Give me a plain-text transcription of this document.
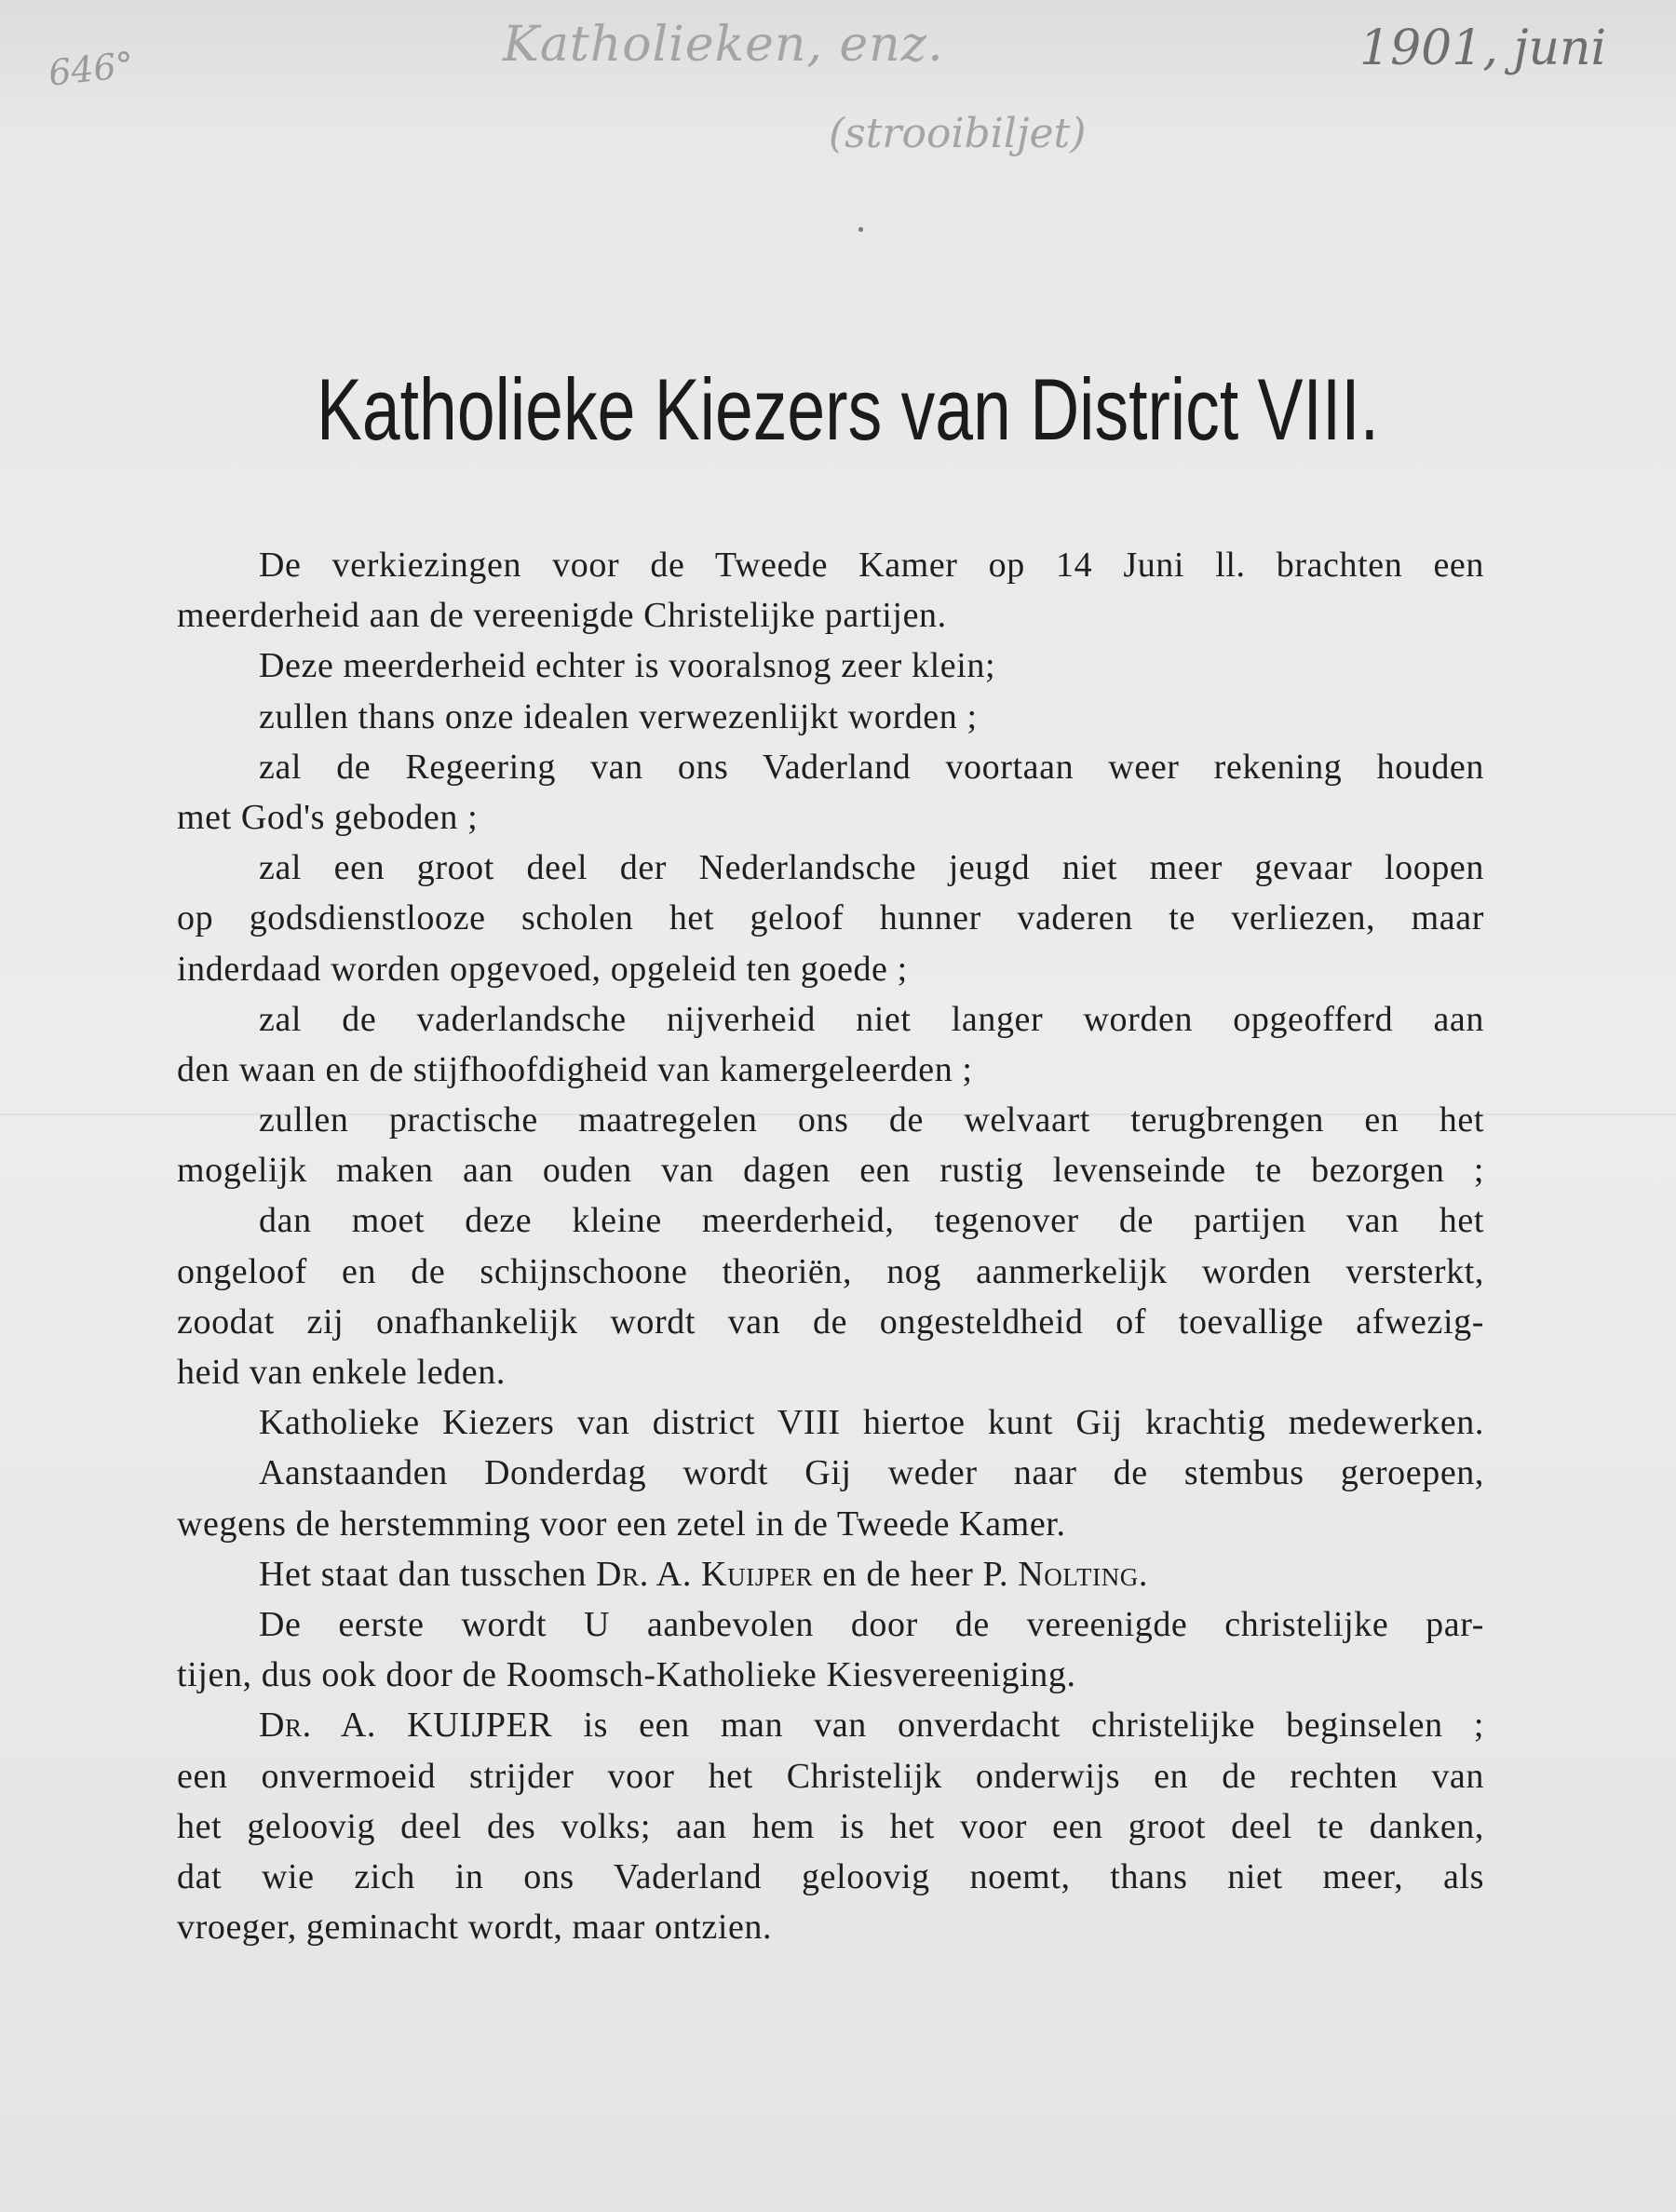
646°	Katholieken, enz.
(strooibiljet)
1901, juni
Katholieke Kiezers van District VIII.
De verkiezingen voor de Tweede Kamer op 14 Juni ll. brachten een
meerderheid aan de vereenigde Christelijke partijen.
Deze meerderheid echter is vooralsnog zeer klein;
zullen thans onze idealen verwezenlijkt worden ;
zal de Regeering van ons Vaderland voortaan weer rekening houden
met God's geboden ;
zal een groot deel der Nederlandsche jeugd niet meer gevaar loopen
op godsdienstlooze scholen het geloof hunner vaderen te verliezen, maar
inderdaad worden opgevoed, opgeleid ten goede ;
zal de vaderlandsche nijverheid niet langer worden opgeofferd aan
den waan en de stijfhoofdigheid van kamergeleerden ;
zullen practische maatregelen ons de welvaart terugbrengen en het
mogelijk maken aan ouden van dagen een rustig levenseinde te bezorgen ;
dan moet deze kleine meerderheid, tegenover de partijen van het
ongeloof en de schijnschoone theoriën, nog aanmerkelijk worden versterkt,
zoodat zij onafhankelijk wordt van de ongesteldheid of toevallige afwezig-
heid van enkele leden.
Katholieke Kiezers van district VIII hiertoe kunt Gij krachtig medewerken.
Aanstaanden Donderdag wordt Gij weder naar de stembus geroepen,
wegens de herstemming voor een zetel in de Tweede Kamer.
Het staat dan tusschen Dr. A. Kuijper en de heer P. Nolting.
De eerste wordt U aanbevolen door de vereenigde christelijke par-
tijen, dus ook door de Roomsch-Katholieke Kiesvereeniging.
Dr. A. KUIJPER is een man van onverdacht christelijke beginselen ;
een onvermoeid strijder voor het Christelijk onderwijs en de rechten van
het geloovig deel des volks; aan hem is het voor een groot deel te danken,
dat wie zich in ons Vaderland geloovig noemt, thans niet meer, als
vroeger, geminacht wordt, maar ontzien.
